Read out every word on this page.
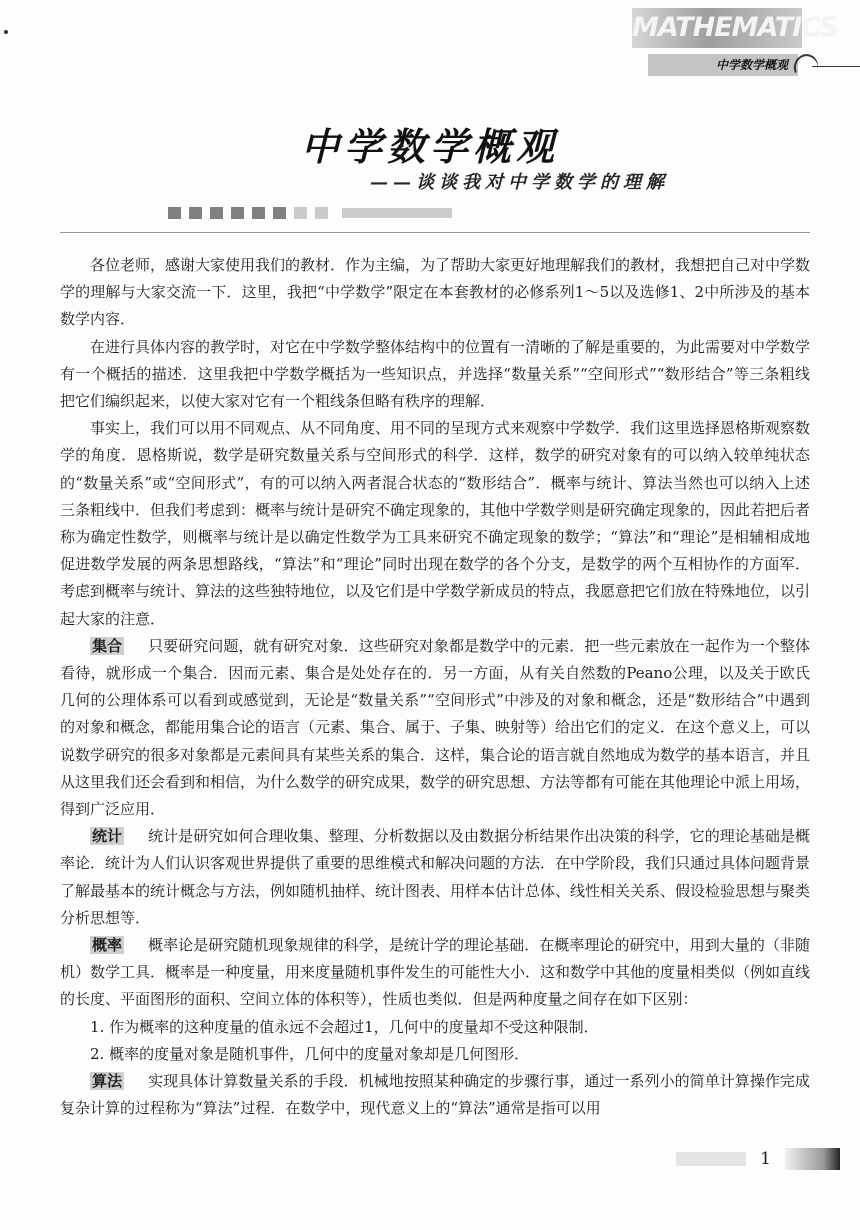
MATHEMATICS
中学数学概观
中学数学概观
——谈谈我对中学数学的理解

各位老师，感谢大家使用我们的教材．作为主编，为了帮助大家更好地理解我们的教材，我想把自己对中学数学的理解与大家交流一下．这里，我把“中学数学”限定在本套教材的必修系列1～5以及选修1、2中所涉及的基本数学内容．

在进行具体内容的教学时，对它在中学数学整体结构中的位置有一清晰的了解是重要的，为此需要对中学数学有一个概括的描述．这里我把中学数学概括为一些知识点，并选择“数量关系”“空间形式”“数形结合”等三条粗线把它们编织起来，以使大家对它有一个粗线条但略有秩序的理解．

事实上，我们可以用不同观点、从不同角度、用不同的呈现方式来观察中学数学．我们这里选择恩格斯观察数学的角度．恩格斯说，数学是研究数量关系与空间形式的科学．这样，数学的研究对象有的可以纳入较单纯状态的“数量关系”或“空间形式”，有的可以纳入两者混合状态的“数形结合”．概率与统计、算法当然也可以纳入上述三条粗线中．但我们考虑到：概率与统计是研究不确定现象的，其他中学数学则是研究确定现象的，因此若把后者称为确定性数学，则概率与统计是以确定性数学为工具来研究不确定现象的数学；“算法”和“理论”是相辅相成地促进数学发展的两条思想路线，“算法”和“理论”同时出现在数学的各个分支，是数学的两个互相协作的方面军．考虑到概率与统计、算法的这些独特地位，以及它们是中学数学新成员的特点，我愿意把它们放在特殊地位，以引起大家的注意．

集合 只要研究问题，就有研究对象．这些研究对象都是数学中的元素．把一些元素放在一起作为一个整体看待，就形成一个集合．因而元素、集合是处处存在的．另一方面，从有关自然数的Peano公理，以及关于欧氏几何的公理体系可以看到或感觉到，无论是“数量关系”“空间形式”中涉及的对象和概念，还是“数形结合”中遇到的对象和概念，都能用集合论的语言（元素、集合、属于、子集、映射等）给出它们的定义．在这个意义上，可以说数学研究的很多对象都是元素间具有某些关系的集合．这样，集合论的语言就自然地成为数学的基本语言，并且从这里我们还会看到和相信，为什么数学的研究成果，数学的研究思想、方法等都有可能在其他理论中派上用场，得到广泛应用．

统计 统计是研究如何合理收集、整理、分析数据以及由数据分析结果作出决策的科学，它的理论基础是概率论．统计为人们认识客观世界提供了重要的思维模式和解决问题的方法．在中学阶段，我们只通过具体问题背景了解最基本的统计概念与方法，例如随机抽样、统计图表、用样本估计总体、线性相关关系、假设检验思想与聚类分析思想等．

概率 概率论是研究随机现象规律的科学，是统计学的理论基础．在概率理论的研究中，用到大量的（非随机）数学工具．概率是一种度量，用来度量随机事件发生的可能性大小．这和数学中其他的度量相类似（例如直线的长度、平面图形的面积、空间立体的体积等），性质也类似．但是两种度量之间存在如下区别：

1. 作为概率的这种度量的值永远不会超过1，几何中的度量却不受这种限制．

2. 概率的度量对象是随机事件，几何中的度量对象却是几何图形．

算法 实现具体计算数量关系的手段．机械地按照某种确定的步骤行事，通过一系列小的简单计算操作完成复杂计算的过程称为“算法”过程．在数学中，现代意义上的“算法”通常是指可以用

1
